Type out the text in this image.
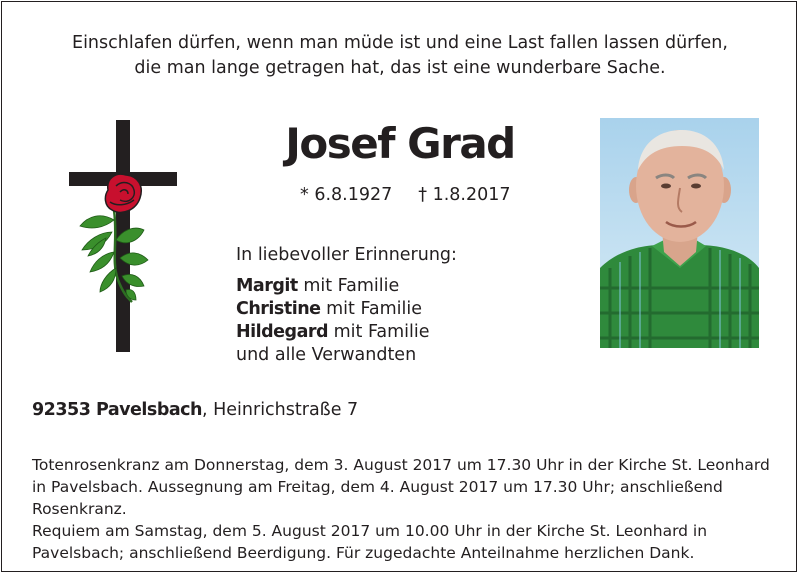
Einschlafen dürfen, wenn man müde ist und eine Last fallen lassen dürfen,
die man lange getragen hat, das ist eine wunderbare Sache.
Josef Grad
* 6.8.1927 † 1.8.2017
In liebevoller Erinnerung:
Margit mit Familie
Christine mit Familie
Hildegard mit Familie
und alle Verwandten
92353 Pavelsbach, Heinrichstraße 7

Totenrosenkranz am Donnerstag, dem 3. August 2017 um 17.30 Uhr in der Kirche St. Leonhard in Pavelsbach. Aussegnung am Freitag, dem 4. August 2017 um 17.30 Uhr; anschließend Rosenkranz.

Requiem am Samstag, dem 5. August 2017 um 10.00 Uhr in der Kirche St. Leonhard in Pavelsbach; anschließend Beerdigung. Für zugedachte Anteilnahme herzlichen Dank.
